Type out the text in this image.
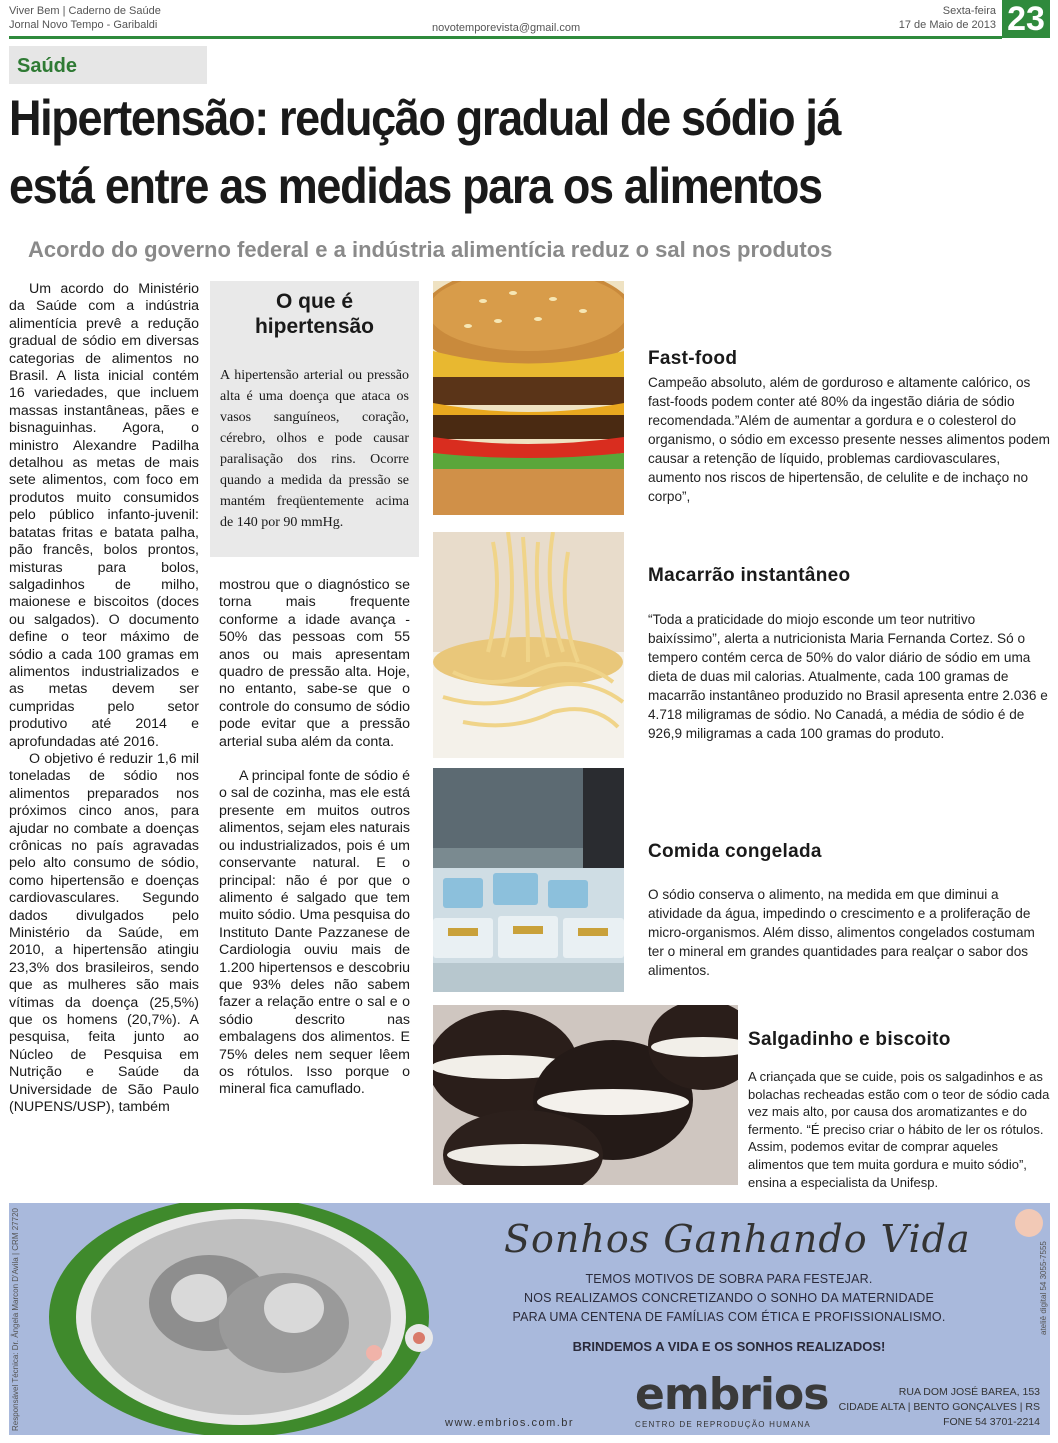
Viver Bem | Caderno de Saúde
Jornal Novo Tempo - Garibaldi	novotemporevista@gmail.com
Sexta-feira
17 de Maio de 2013 23
Saúde
Hipertensão: redução gradual de sódio já
está entre as medidas para os alimentos
Acordo do governo federal e a indústria alimentícia reduz o sal nos produtos

Um acordo do Ministério da Saúde com a indústria alimentícia prevê a redução gradual de sódio em diversas categorias de alimentos no Brasil. A lista inicial contém 16 variedades, que incluem massas instantâneas, pães e bisnaguinhas. Agora, o ministro Alexandre Padilha detalhou as metas de mais sete alimentos, com foco em produtos muito consumidos pelo público infanto-juvenil: batatas fritas e batata palha, pão francês, bolos prontos, misturas para bolos, salgadinhos de milho, maionese e biscoitos (doces ou salgados). O documento define o teor máximo de sódio a cada 100 gramas em alimentos industrializados e as metas devem ser cumpridas pelo setor produtivo até 2014 e aprofundadas até 2016.

O objetivo é reduzir 1,6 mil toneladas de sódio nos alimentos preparados nos próximos cinco anos, para ajudar no combate a doenças crônicas no país agravadas pelo alto consumo de sódio, como hipertensão e doenças cardiovasculares. Segundo dados divulgados pelo Ministério da Saúde, em 2010, a hipertensão atingiu 23,3% dos brasileiros, sendo que as mulheres são mais vítimas da doença (25,5%) que os homens (20,7%). A pesquisa, feita junto ao Núcleo de Pesquisa em Nutrição e Saúde da Universidade de São Paulo (NUPENS/USP), também

O que é
hipertensão
A hipertensão arterial ou pressão alta é uma doença que ataca os vasos sanguíneos, coração, cérebro, olhos e pode causar paralisação dos rins. Ocorre quando a medida da pressão se mantém freqüentemente acima de 140 por 90 mmHg.

mostrou que o diagnóstico se torna mais frequente conforme a idade avança - 50% das pessoas com 55 anos ou mais apresentam quadro de pressão alta. Hoje, no entanto, sabe-se que o controle do consumo de sódio pode evitar que a pressão arterial suba além da conta.

A principal fonte de sódio é o sal de cozinha, mas ele está presente em muitos outros alimentos, sejam eles naturais ou industrializados, pois é um conservante natural. E o principal: não é por que o alimento é salgado que tem muito sódio. Uma pesquisa do Instituto Dante Pazzanese de Cardiologia ouviu mais de 1.200 hipertensos e descobriu que 93% deles não sabem fazer a relação entre o sal e o sódio descrito nas embalagens dos alimentos. E 75% deles nem sequer lêem os rótulos. Isso porque o mineral fica camuflado.

Fast-food
Campeão absoluto, além de gorduroso e altamente calórico, os fast-foods podem conter até 80% da ingestão diária de sódio recomendada.”Além de aumentar a gordura e o colesterol do organismo, o sódio em excesso presente nesses alimentos podem causar a retenção de líquido, problemas cardiovasculares, aumento nos riscos de hipertensão, de celulite e de inchaço no corpo”,
Macarrão instantâneo
“Toda a praticidade do miojo esconde um teor nutritivo baixíssimo”, alerta a nutricionista Maria Fernanda Cortez. Só o tempero contém cerca de 50% do valor diário de sódio em uma dieta de duas mil calorias. Atualmente, cada 100 gramas de macarrão instantâneo produzido no Brasil apresenta entre 2.036 e 4.718 miligramas de sódio. No Canadá, a média de sódio é de 926,9 miligramas a cada 100 gramas do produto.
Comida congelada
O sódio conserva o alimento, na medida em que diminui a atividade da água, impedindo o crescimento e a proliferação de micro-organismos. Além disso, alimentos congelados costumam ter o mineral em grandes quantidades para realçar o sabor dos alimentos.
Salgadinho e biscoito
A criançada que se cuide, pois os salgadinhos e as bolachas recheadas estão com o teor de sódio cada vez mais alto, por causa dos aromatizantes e do fermento. “É preciso criar o hábito de ler os rótulos. Assim, podemos evitar de comprar aqueles alimentos que tem muita gordura e muito sódio”, ensina a especialista da Unifesp.
Sonhos Ganhando Vida
TEMOS MOTIVOS DE SOBRA PARA FESTEJAR.
NOS REALIZAMOS CONCRETIZANDO O SONHO DA MATERNIDADE
PARA UMA CENTENA DE FAMÍLIAS COM ÉTICA E PROFISSIONALISMO.
BRINDEMOS A VIDA E OS SONHOS REALIZADOS!
www.embrios.com.br
embrios
CENTRO DE REPRODUÇÃO HUMANA
RUA DOM JOSÉ BAREA, 153
CIDADE ALTA | BENTO GONÇALVES | RS
FONE 54 3701-2214
Responsável Técnica: Dr. Ângela Marcon D'Avila | CRM 27720	ateliê digital 54 3055-7555
